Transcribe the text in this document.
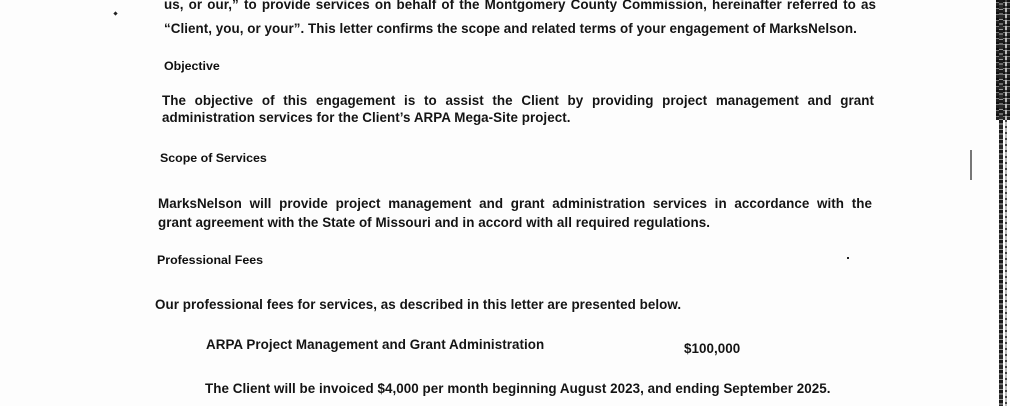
us, or our,” to provide services on behalf of the Montgomery County Commission, hereinafter referred to as
“Client, you, or your”. This letter confirms the scope and related terms of your engagement of MarksNelson.
Objective
The objective of this engagement is to assist the Client by providing project management and grant
administration services for the Client’s ARPA Mega-Site project.
Scope of Services
MarksNelson will provide project management and grant administration services in accordance with the
grant agreement with the State of Missouri and in accord with all required regulations.
Professional Fees
Our professional fees for services, as described in this letter are presented below.
ARPA Project Management and Grant Administration	$100,000
The Client will be invoiced $4,000 per month beginning August 2023, and ending September 2025.
